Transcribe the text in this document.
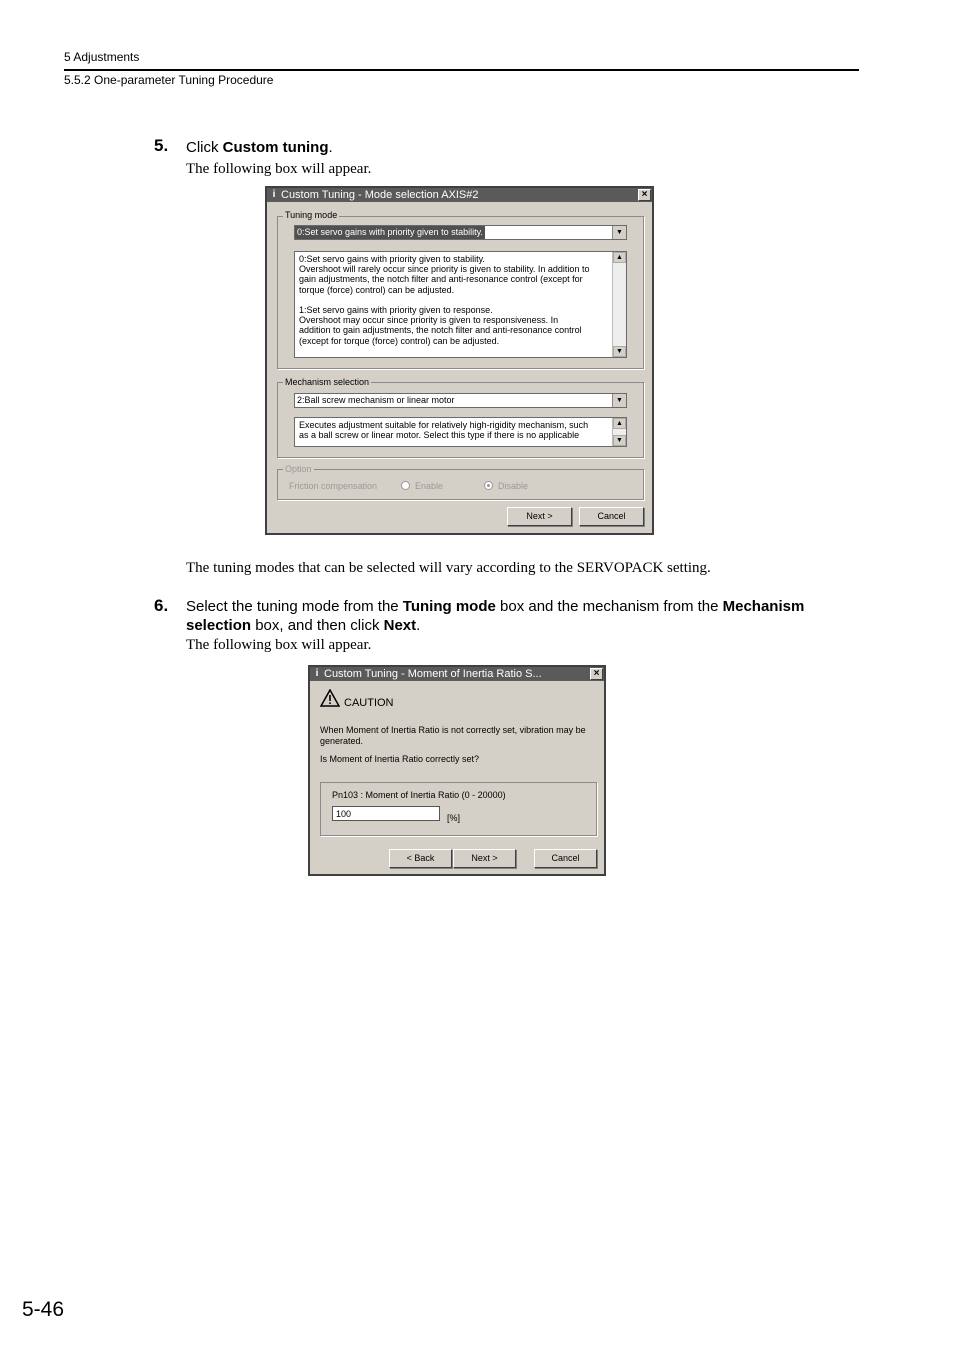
5 Adjustments
5.5.2 One-parameter Tuning Procedure
5. Click Custom tuning.
The following box will appear.
i Custom Tuning - Mode selection AXIS#2	×
Tuning mode
0:Set servo gains with priority given to stability.	▼
0:Set servo gains with priority given to stability.
Overshoot will rarely occur since priority is given to stability. In addition to
gain adjustments, the notch filter and anti-resonance control (except for
torque (force) control) can be adjusted.
1:Set servo gains with priority given to response.
Overshoot may occur since priority is given to responsiveness. In
addition to gain adjustments, the notch filter and anti-resonance control
(except for torque (force) control) can be adjusted.
▲
▼
Mechanism selection
2:Ball screw mechanism or linear motor	▼
Executes adjustment suitable for relatively high-rigidity mechanism, such
as a ball screw or linear motor. Select this type if there is no applicable
▲
▼
Option
Friction compensation	Enable	Disable
Next >	Cancel
The tuning modes that can be selected will vary according to the SERVOPACK setting.
6. Select the tuning mode from the Tuning mode box and the mechanism from the Mechanism
selection box, and then click Next.
The following box will appear.
i Custom Tuning - Moment of Inertia Ratio S...	×
CAUTION
When Moment of Inertia Ratio is not correctly set, vibration may be
generated.
Is Moment of Inertia Ratio correctly set?
Pn103 : Moment of Inertia Ratio (0 - 20000)
100	[%]
< Back	Next >	Cancel
5-46
